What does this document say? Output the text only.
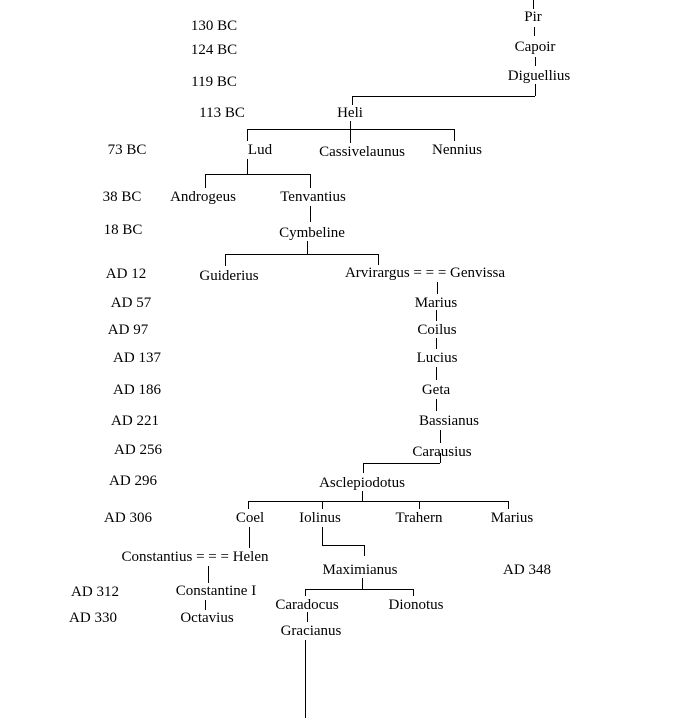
130 BC
124 BC
119 BC
113 BC
73 BC
38 BC
18 BC
AD 12
AD 57
AD 97
AD 137
AD 186
AD 221
AD 256
AD 296
AD 306
AD 348
AD 312
AD 330
Pir
Capoir
Diguellius
Heli
Lud	Cassivelaunus Nennius
Androgeus	Tenvantius
Cymbeline
Guiderius	Arvirargus = = = Genvissa
Marius
Coilus
Lucius
Geta
Bassianus
Carausius
Asclepiodotus
Coel Iolinus	Trahern	Marius
Constantius = = = Helen
Maximianus
Constantine I
Caradocus	Dionotus
Octavius
Gracianus
